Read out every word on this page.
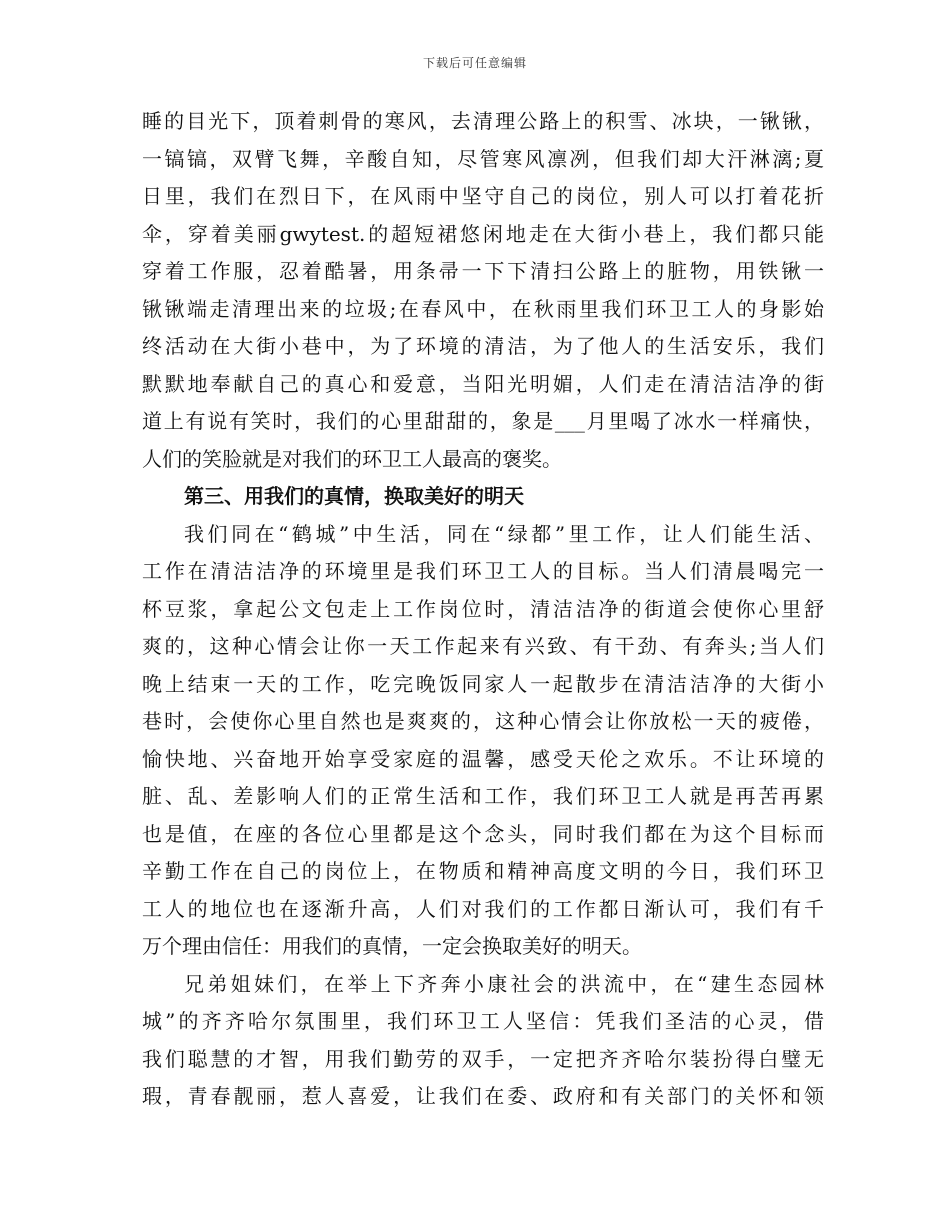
下载后可任意编辑
睡的目光下，顶着刺骨的寒风，去清理公路上的积雪、冰块，一锹锹，
一镐镐，双臂飞舞，辛酸自知，尽管寒风凛冽，但我们却大汗淋漓;夏
日里，我们在烈日下，在风雨中坚守自己的岗位，别人可以打着花折
伞，穿着美丽gwytest.的超短裙悠闲地走在大街小巷上，我们都只能
穿着工作服，忍着酷暑，用条帚一下下清扫公路上的脏物，用铁锹一
锹锹端走清理出来的垃圾;在春风中，在秋雨里我们环卫工人的身影始
终活动在大街小巷中，为了环境的清洁，为了他人的生活安乐，我们
默默地奉献自己的真心和爱意，当阳光明媚，人们走在清洁洁净的街
道上有说有笑时，我们的心里甜甜的，象是___月里喝了冰水一样痛快，
人们的笑脸就是对我们的环卫工人最高的褒奖。
第三、用我们的真情，换取美好的明天
我们同在“鹤城”中生活，同在“绿都”里工作，让人们能生活、
工作在清洁洁净的环境里是我们环卫工人的目标。当人们清晨喝完一
杯豆浆，拿起公文包走上工作岗位时，清洁洁净的街道会使你心里舒
爽的，这种心情会让你一天工作起来有兴致、有干劲、有奔头;当人们
晚上结束一天的工作，吃完晚饭同家人一起散步在清洁洁净的大街小
巷时，会使你心里自然也是爽爽的，这种心情会让你放松一天的疲倦，
愉快地、兴奋地开始享受家庭的温馨，感受天伦之欢乐。不让环境的
脏、乱、差影响人们的正常生活和工作，我们环卫工人就是再苦再累
也是值，在座的各位心里都是这个念头，同时我们都在为这个目标而
辛勤工作在自己的岗位上，在物质和精神高度文明的今日，我们环卫
工人的地位也在逐渐升高，人们对我们的工作都日渐认可，我们有千
万个理由信任：用我们的真情，一定会换取美好的明天。
兄弟姐妹们，在举上下齐奔小康社会的洪流中，在“建生态园林
城”的齐齐哈尔氛围里，我们环卫工人坚信：凭我们圣洁的心灵，借
我们聪慧的才智，用我们勤劳的双手，一定把齐齐哈尔装扮得白璧无
瑕，青春靓丽，惹人喜爱，让我们在委、政府和有关部门的关怀和领
